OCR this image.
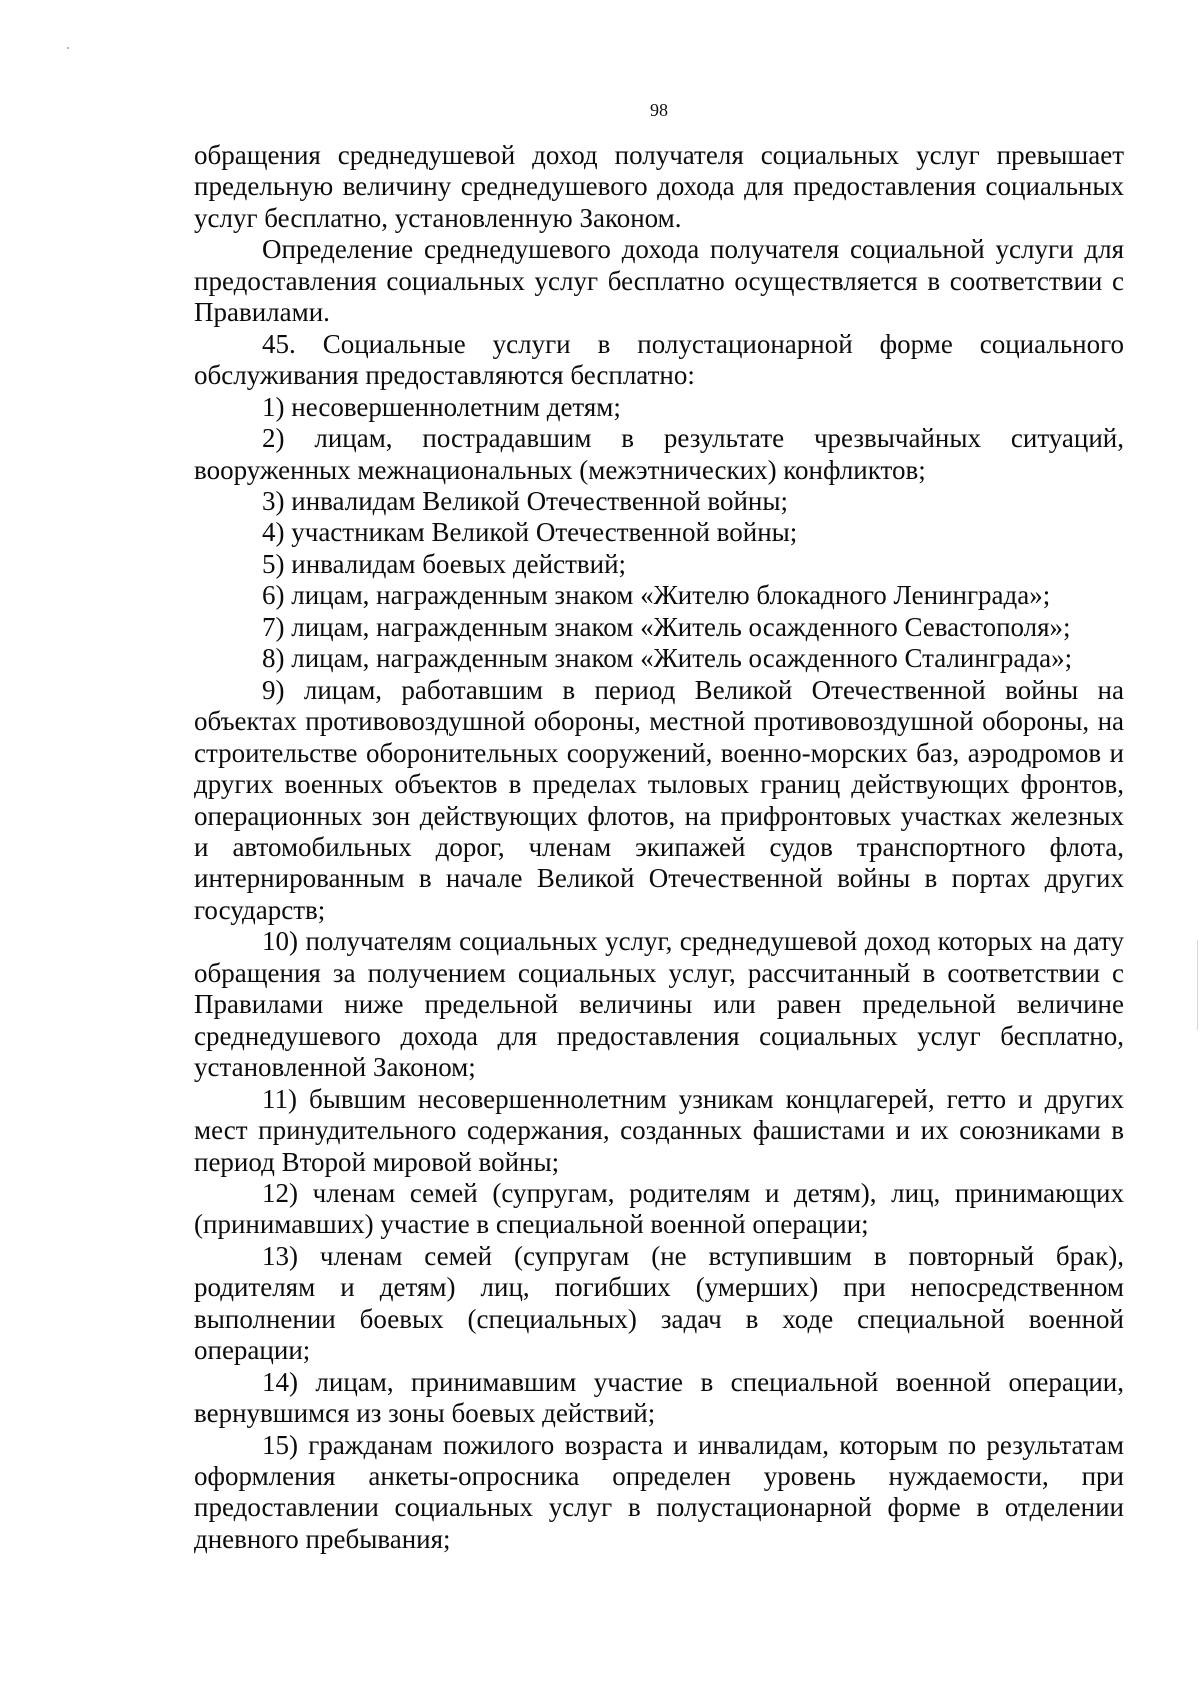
98

обращения среднедушевой доход получателя социальных услуг превышает предельную величину среднедушевого дохода для предоставления социальных услуг бесплатно, установленную Законом.

Определение среднедушевого дохода получателя социальной услуги для предоставления социальных услуг бесплатно осуществляется в соответствии с Правилами.

45. Социальные услуги в полустационарной форме социального обслуживания предоставляются бесплатно:

1) несовершеннолетним детям;

2) лицам, пострадавшим в результате чрезвычайных ситуаций, вооруженных межнациональных (межэтнических) конфликтов;

3) инвалидам Великой Отечественной войны;

4) участникам Великой Отечественной войны;

5) инвалидам боевых действий;

6) лицам, награжденным знаком «Жителю блокадного Ленинграда»;

7) лицам, награжденным знаком «Житель осажденного Севастополя»;

8) лицам, награжденным знаком «Житель осажденного Сталинграда»;

9) лицам, работавшим в период Великой Отечественной войны на объектах противовоздушной обороны, местной противовоздушной обороны, на строительстве оборонительных сооружений, военно-морских баз, аэродромов и других военных объектов в пределах тыловых границ действующих фронтов, операционных зон действующих флотов, на прифронтовых участках железных и автомобильных дорог, членам экипажей судов транспортного флота, интернированным в начале Великой Отечественной войны в портах других государств;

10) получателям социальных услуг, среднедушевой доход которых на дату обращения за получением социальных услуг, рассчитанный в соответствии с Правилами ниже предельной величины или равен предельной величине среднедушевого дохода для предоставления социальных услуг бесплатно, установленной Законом;

11) бывшим несовершеннолетним узникам концлагерей, гетто и других мест принудительного содержания, созданных фашистами и их союзниками в период Второй мировой войны;

12) членам семей (супругам, родителям и детям), лиц, принимающих (принимавших) участие в специальной военной операции;

13) членам семей (супругам (не вступившим в повторный брак), родителям и детям) лиц, погибших (умерших) при непосредственном выполнении боевых (специальных) задач в ходе специальной военной операции;

14) лицам, принимавшим участие в специальной военной операции, вернувшимся из зоны боевых действий;

15) гражданам пожилого возраста и инвалидам, которым по результатам оформления анкеты-опросника определен уровень нуждаемости, при предоставлении социальных услуг в полустационарной форме в отделении дневного пребывания;
